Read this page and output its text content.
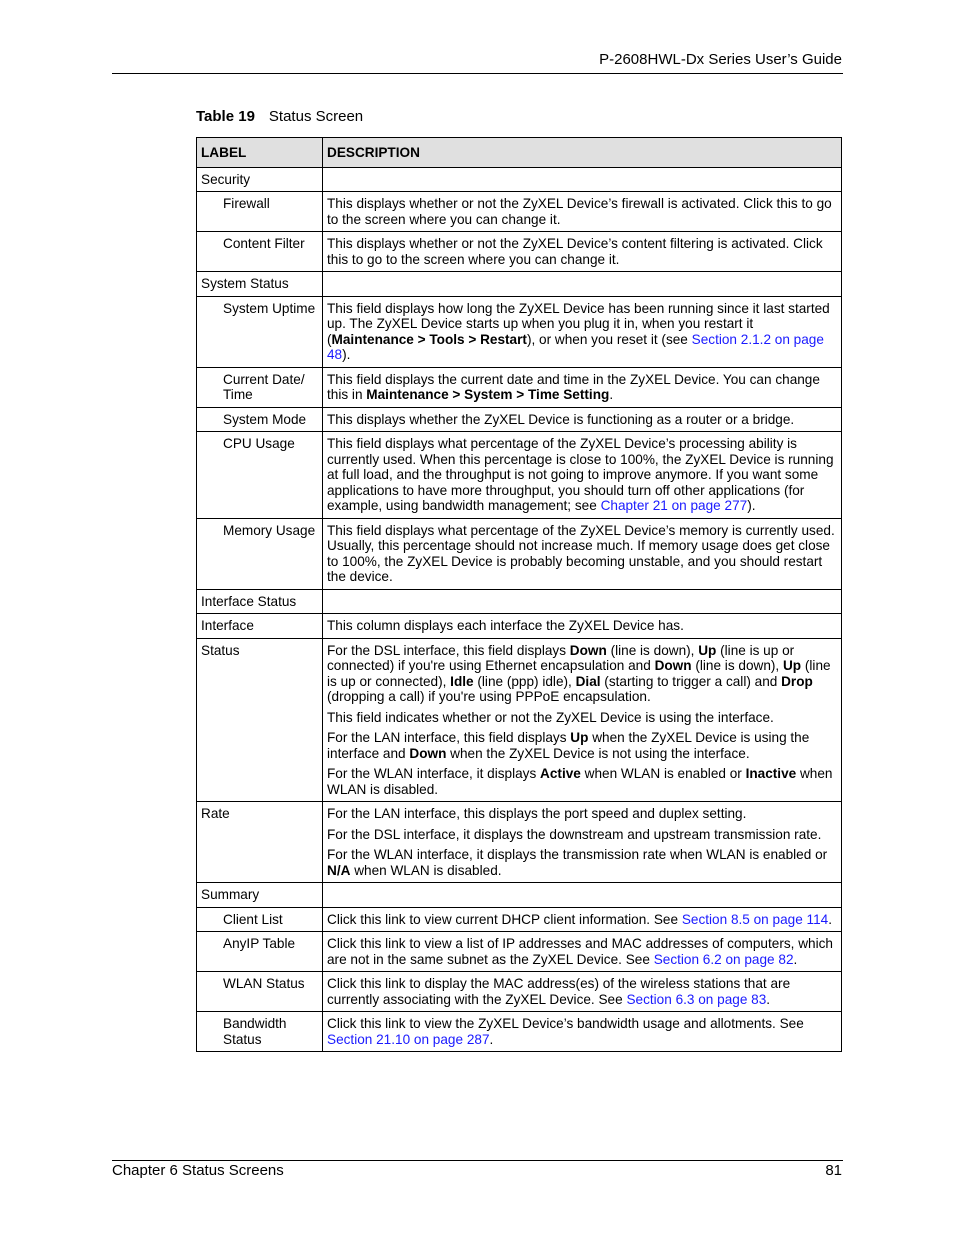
P-2608HWL-Dx Series User’s Guide
Table 19 Status Screen
LABEL	DESCRIPTION
Security	
Firewall	This displays whether or not the ZyXEL Device’s firewall is activated. Click this to go to the screen where you can change it.

Content Filter	This displays whether or not the ZyXEL Device’s content filtering is activated. Click this to go to the screen where you can change it.

System Status	
System Uptime	This field displays how long the ZyXEL Device has been running since it last started up. The ZyXEL Device starts up when you plug it in, when you restart it (Maintenance > Tools > Restart), or when you reset it (see Section 2.1.2 on page 48).

Current Date/ Time	This field displays the current date and time in the ZyXEL Device. You can change this in Maintenance > System > Time Setting.

System Mode	This displays whether the ZyXEL Device is functioning as a router or a bridge.

CPU Usage	This field displays what percentage of the ZyXEL Device’s processing ability is currently used. When this percentage is close to 100%, the ZyXEL Device is running at full load, and the throughput is not going to improve anymore. If you want some applications to have more throughput, you should turn off other applications (for example, using bandwidth management; see Chapter 21 on page 277).

Memory Usage	This field displays what percentage of the ZyXEL Device’s memory is currently used. Usually, this percentage should not increase much. If memory usage does get close to 100%, the ZyXEL Device is probably becoming unstable, and you should restart the device.

Interface Status	
Interface	This column displays each interface the ZyXEL Device has.

Status	For the DSL interface, this field displays Down (line is down), Up (line is up or connected) if you're using Ethernet encapsulation and Down (line is down), Up (line is up or connected), Idle (line (ppp) idle), Dial (starting to trigger a call) and Drop (dropping a call) if you're using PPPoE encapsulation.

This field indicates whether or not the ZyXEL Device is using the interface.

For the LAN interface, this field displays Up when the ZyXEL Device is using the interface and Down when the ZyXEL Device is not using the interface.

For the WLAN interface, it displays Active when WLAN is enabled or Inactive when WLAN is disabled.

Rate	For the LAN interface, this displays the port speed and duplex setting.

For the DSL interface, it displays the downstream and upstream transmission rate.

For the WLAN interface, it displays the transmission rate when WLAN is enabled or N/A when WLAN is disabled.

Summary	
Client List	Click this link to view current DHCP client information. See Section 8.5 on page 114.

AnyIP Table	Click this link to view a list of IP addresses and MAC addresses of computers, which are not in the same subnet as the ZyXEL Device. See Section 6.2 on page 82.

WLAN Status	Click this link to display the MAC address(es) of the wireless stations that are currently associating with the ZyXEL Device. See Section 6.3 on page 83.

Bandwidth Status	Click this link to view the ZyXEL Device’s bandwidth usage and allotments. See Section 21.10 on page 287.

Chapter 6 Status Screens	81
